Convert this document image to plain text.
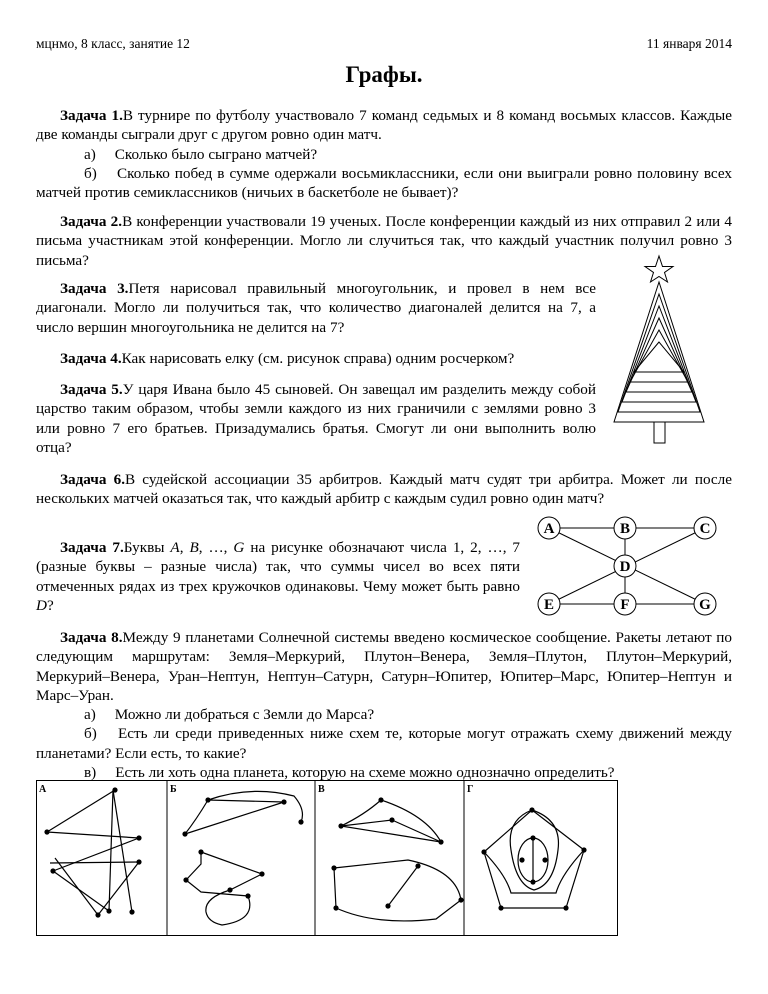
мцнмо, 8 класс, занятие 12	11 января 2014
Графы.
Задача 1.В турнире по футболу участвовало 7 команд седьмых и 8 команд восьмых классов. Каждые две команды сыграли друг с другом ровно один матч.
а)  Сколько было сыграно матчей?
б)  Сколько побед в сумме одержали восьмиклассники, если они выиграли ровно половину всех матчей против семиклассников (ничьих в баскетболе не бывает)?
Задача 2.В конференции участвовали 19 ученых. После конференции каждый из них отправил 2 или 4 письма участникам этой конференции. Могло ли случиться так, что каждый участник получил ровно 3 письма?
Задача 3.Петя нарисовал правильный многоугольник, и провел в нем все диагонали. Могло ли получиться так, что количество диагоналей делится на 7, а число вершин многоугольника не делится на 7?
Задача 4.Как нарисовать елку (см. рисунок справа) одним росчерком?
Задача 5.У царя Ивана было 45 сыновей. Он завещал им разделить между собой царство таким образом, чтобы земли каждого из них граничили с землями ровно 3 или ровно 7 его братьев. Призадумались братья. Смогут ли они выполнить волю отца?
Задача 6.В судейской ассоциации 35 арбитров. Каждый матч судят три арбитра. Может ли после нескольких матчей оказаться так, что каждый арбитр с каждым судил ровно один матч?
Задача 7.Буквы A, B, …, G на рисунке обозначают числа 1, 2, …, 7 (разные буквы – разные числа) так, что суммы чисел во всех пяти отмеченных рядах из трех кружочков одинаковы. Чему может быть равно D?
A	B	C
D
E	F	G
Задача 8.Между 9 планетами Солнечной системы введено космическое сообщение. Ракеты летают по следующим маршрутам: Земля–Меркурий, Плутон–Венера, Земля–Плутон, Плутон–Меркурий, Меркурий–Венера, Уран–Нептун, Нептун–Сатурн, Сатурн–Юпитер, Юпитер–Марс, Юпитер–Нептун и Марс–Уран.
а)  Можно ли добраться с Земли до Марса?
б)  Есть ли среди приведенных ниже схем те, которые могут отражать схему движений между планетами? Если есть, то какие?
в)  Есть ли хоть одна планета, которую на схеме можно однозначно определить?
А	Б	В	Г
